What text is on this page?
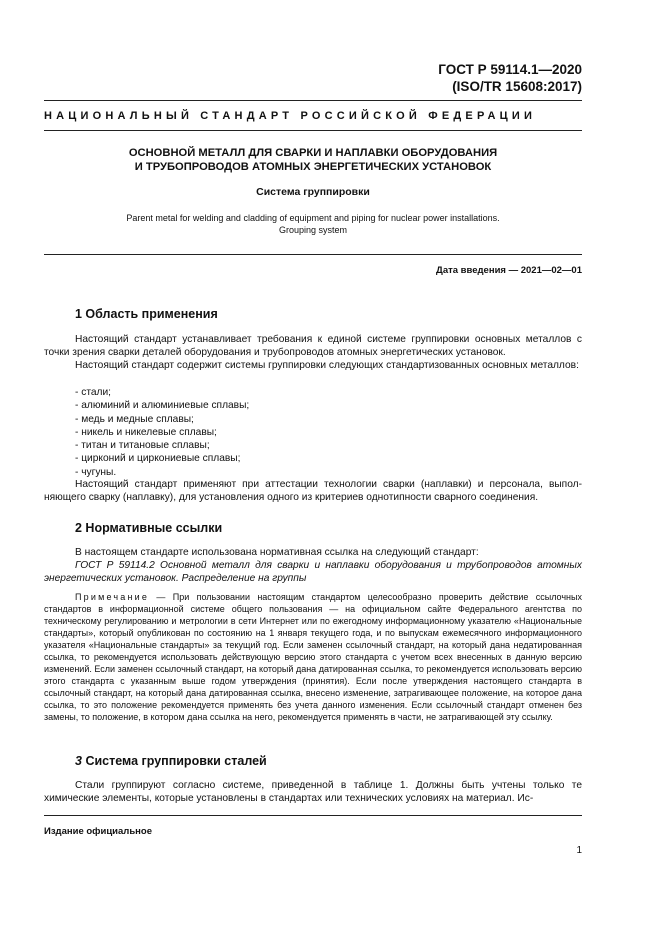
ГОСТ Р 59114.1—2020
(ISO/TR 15608:2017)
НАЦИОНАЛЬНЫЙ СТАНДАРТ РОССИЙСКОЙ ФЕДЕРАЦИИ
ОСНОВНОЙ МЕТАЛЛ ДЛЯ СВАРКИ И НАПЛАВКИ ОБОРУДОВАНИЯ
И ТРУБОПРОВОДОВ АТОМНЫХ ЭНЕРГЕТИЧЕСКИХ УСТАНОВОК
Система группировки
Parent metal for welding and cladding of equipment and piping for nuclear power installations.
Grouping system
Дата введения — 2021—02—01
1 Область применения
Настоящий стандарт устанавливает требования к единой системе группировки основных металлов с точки зрения сварки деталей оборудования и трубопроводов атомных энергетических установок.
Настоящий стандарт содержит системы группировки следующих стандартизованных основных металлов:
- стали;
- алюминий и алюминиевые сплавы;
- медь и медные сплавы;
- никель и никелевые сплавы;
- титан и титановые сплавы;
- цирконий и циркониевые сплавы;
- чугуны.
Настоящий стандарт применяют при аттестации технологии сварки (наплавки) и персонала, выполняющего сварку (наплавку), для установления одного из критериев однотипности сварного соединения.
2 Нормативные ссылки
В настоящем стандарте использована нормативная ссылка на следующий стандарт:
ГОСТ Р 59114.2 Основной металл для сварки и наплавки оборудования и трубопроводов атомных энергетических установок. Распределение на группы
Примечание — При пользовании настоящим стандартом целесообразно проверить действие ссылочных стандартов в информационной системе общего пользования — на официальном сайте Федерального агентства по техническому регулированию и метрологии в сети Интернет или по ежегодному информационному указателю «Национальные стандарты», который опубликован по состоянию на 1 января текущего года, и по выпускам ежемесячного информационного указателя «Национальные стандарты» за текущий год. Если заменен ссылочный стандарт, на который дана недатированная ссылка, то рекомендуется использовать действующую версию этого стандарта с учетом всех внесенных в данную версию изменений. Если заменен ссылочный стандарт, на который дана датированная ссылка, то рекомендуется использовать версию этого стандарта с указанным выше годом утверждения (принятия). Если после утверждения настоящего стандарта в ссылочный стандарт, на который дана датированная ссылка, внесено изменение, затрагивающее положение, на которое дана ссылка, то это положение рекомендуется применять без учета данного изменения. Если ссылочный стандарт отменен без замены, то положение, в котором дана ссылка на него, рекомендуется применять в части, не затрагивающей эту ссылку.
3 Система группировки сталей
Стали группируют согласно системе, приведенной в таблице 1. Должны быть учтены только те химические элементы, которые установлены в стандартах или технических условиях на материал. Ис-
Издание официальное
1
